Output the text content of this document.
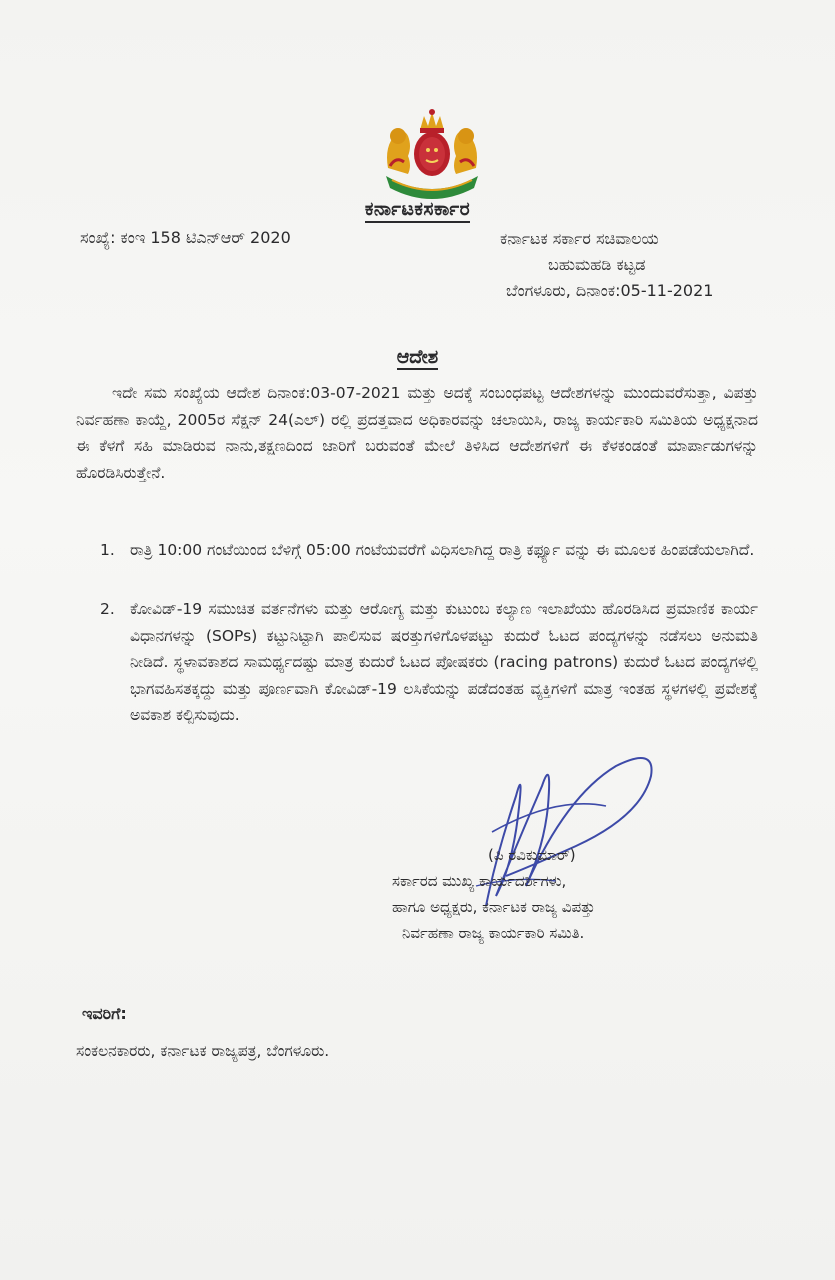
ಕರ್ನಾಟಕಸರ್ಕಾರ
ಸಂಖ್ಯೆ: ಕಂಇ 158 ಟಿಎನ್ಆರ್ 2020	ಕರ್ನಾಟಕ ಸರ್ಕಾರ ಸಚಿವಾಲಯ
ಬಹುಮಹಡಿ ಕಟ್ಟಡ
ಬೆಂಗಳೂರು, ದಿನಾಂಕ:05-11-2021
ಆದೇಶ
ಇದೇ ಸಮ ಸಂಖ್ಯೆಯ ಆದೇಶ ದಿನಾಂಕ:03-07-2021 ಮತ್ತು ಅದಕ್ಕೆ ಸಂಬಂಧಪಟ್ಟ ಆದೇಶಗಳನ್ನು ಮುಂದುವರೆಸುತ್ತಾ, ವಿಪತ್ತು ನಿರ್ವಹಣಾ ಕಾಯ್ದೆ, 2005ರ ಸೆಕ್ಷನ್ 24(ಎಲ್) ರಲ್ಲಿ ಪ್ರದತ್ತವಾದ ಅಧಿಕಾರವನ್ನು ಚಲಾಯಿಸಿ, ರಾಜ್ಯ ಕಾರ್ಯಕಾರಿ ಸಮಿತಿಯ ಅಧ್ಯಕ್ಷನಾದ ಈ ಕೆಳಗೆ ಸಹಿ ಮಾಡಿರುವ ನಾನು,ತಕ್ಷಣದಿಂದ ಜಾರಿಗೆ ಬರುವಂತೆ ಮೇಲೆ ತಿಳಿಸಿದ ಆದೇಶಗಳಿಗೆ ಈ ಕೆಳಕಂಡಂತೆ ಮಾರ್ಪಾಡುಗಳನ್ನು ಹೊರಡಿಸಿರುತ್ತೇನೆ.
1. ರಾತ್ರಿ 10:00 ಗಂಟೆಯಿಂದ ಬೆಳಿಗ್ಗೆ 05:00 ಗಂಟೆಯವರೆಗೆ ವಿಧಿಸಲಾಗಿದ್ದ ರಾತ್ರಿ ಕರ್ಫ್ಯೂ ವನ್ನು ಈ ಮೂಲಕ ಹಿಂಪಡೆಯಲಾಗಿದೆ.
2. ಕೋವಿಡ್-19 ಸಮುಚಿತ ವರ್ತನೆಗಳು ಮತ್ತು ಆರೋಗ್ಯ ಮತ್ತು ಕುಟುಂಬ ಕಲ್ಯಾಣ ಇಲಾಖೆಯು ಹೊರಡಿಸಿದ ಪ್ರಮಾಣಿಕ ಕಾರ್ಯ ವಿಧಾನಗಳನ್ನು (SOPs) ಕಟ್ಟುನಿಟ್ಟಾಗಿ ಪಾಲಿಸುವ ಷರತ್ತುಗಳಿಗೊಳಪಟ್ಟು ಕುದುರೆ ಓಟದ ಪಂದ್ಯಗಳನ್ನು ನಡೆಸಲು ಅನುಮತಿ ನೀಡಿದೆ. ಸ್ಥಳಾವಕಾಶದ ಸಾಮರ್ಥ್ಯದಷ್ಟು ಮಾತ್ರ ಕುದುರೆ ಓಟದ ಪೋಷಕರು (racing patrons) ಕುದುರೆ ಓಟದ ಪಂದ್ಯಗಳಲ್ಲಿ ಭಾಗವಹಿಸತಕ್ಕದ್ದು ಮತ್ತು ಪೂರ್ಣವಾಗಿ ಕೋವಿಡ್-19 ಲಸಿಕೆಯನ್ನು ಪಡೆದಂತಹ ವ್ಯಕ್ತಿಗಳಿಗೆ ಮಾತ್ರ ಇಂತಹ ಸ್ಥಳಗಳಲ್ಲಿ ಪ್ರವೇಶಕ್ಕೆ ಅವಕಾಶ ಕಲ್ಪಿಸುವುದು.
(ಪಿ ರವಿಕುಮಾರ್)
ಸರ್ಕಾರದ ಮುಖ್ಯ ಕಾರ್ಯದರ್ಶಿಗಳು,
ಹಾಗೂ ಅಧ್ಯಕ್ಷರು, ಕರ್ನಾಟಕ ರಾಜ್ಯ ವಿಪತ್ತು
ನಿರ್ವಹಣಾ ರಾಜ್ಯ ಕಾರ್ಯಕಾರಿ ಸಮಿತಿ.
ಇವರಿಗೆ:
ಸಂಕಲನಕಾರರು, ಕರ್ನಾಟಕ ರಾಜ್ಯಪತ್ರ, ಬೆಂಗಳೂರು.
